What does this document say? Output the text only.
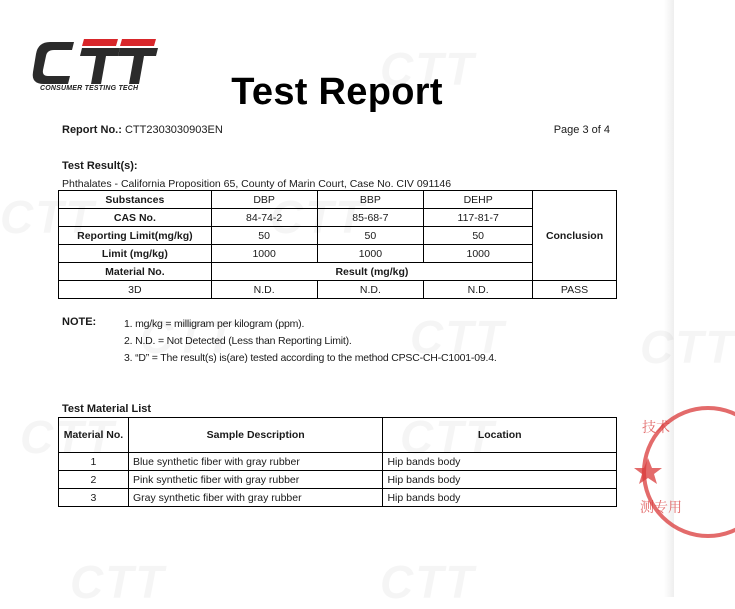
CONSUMER TESTING TECH	Test Report
Report No.: CTT2303030903EN	Page 3 of 4
Test Result(s):
Phthalates - California Proposition 65, County of Marin Court, Case No. CIV 091146
Substances	DBP	BBP	DEHP	Conclusion
CAS No.	84-74-2	85-68-7	117-81-7	
Reporting Limit(mg/kg)	50	50	50	
Limit (mg/kg)	1000	1000	1000	
Material No.	Result (mg/kg)			
3D	N.D.	N.D.	N.D.	PASS
NOTE:	1. mg/kg = milligram per kilogram (ppm).
2. N.D. = Not Detected (Less than Reporting Limit).
3. “D” = The result(s) is(are) tested according to the method CPSC-CH-C1001-09.4.
Test Material List
Material No.	Sample Description	Location
1	Blue synthetic fiber with gray rubber	Hip bands body
2	Pink synthetic fiber with gray rubber	Hip bands body
3	Gray synthetic fiber with gray rubber	Hip bands body
技术
测专用
